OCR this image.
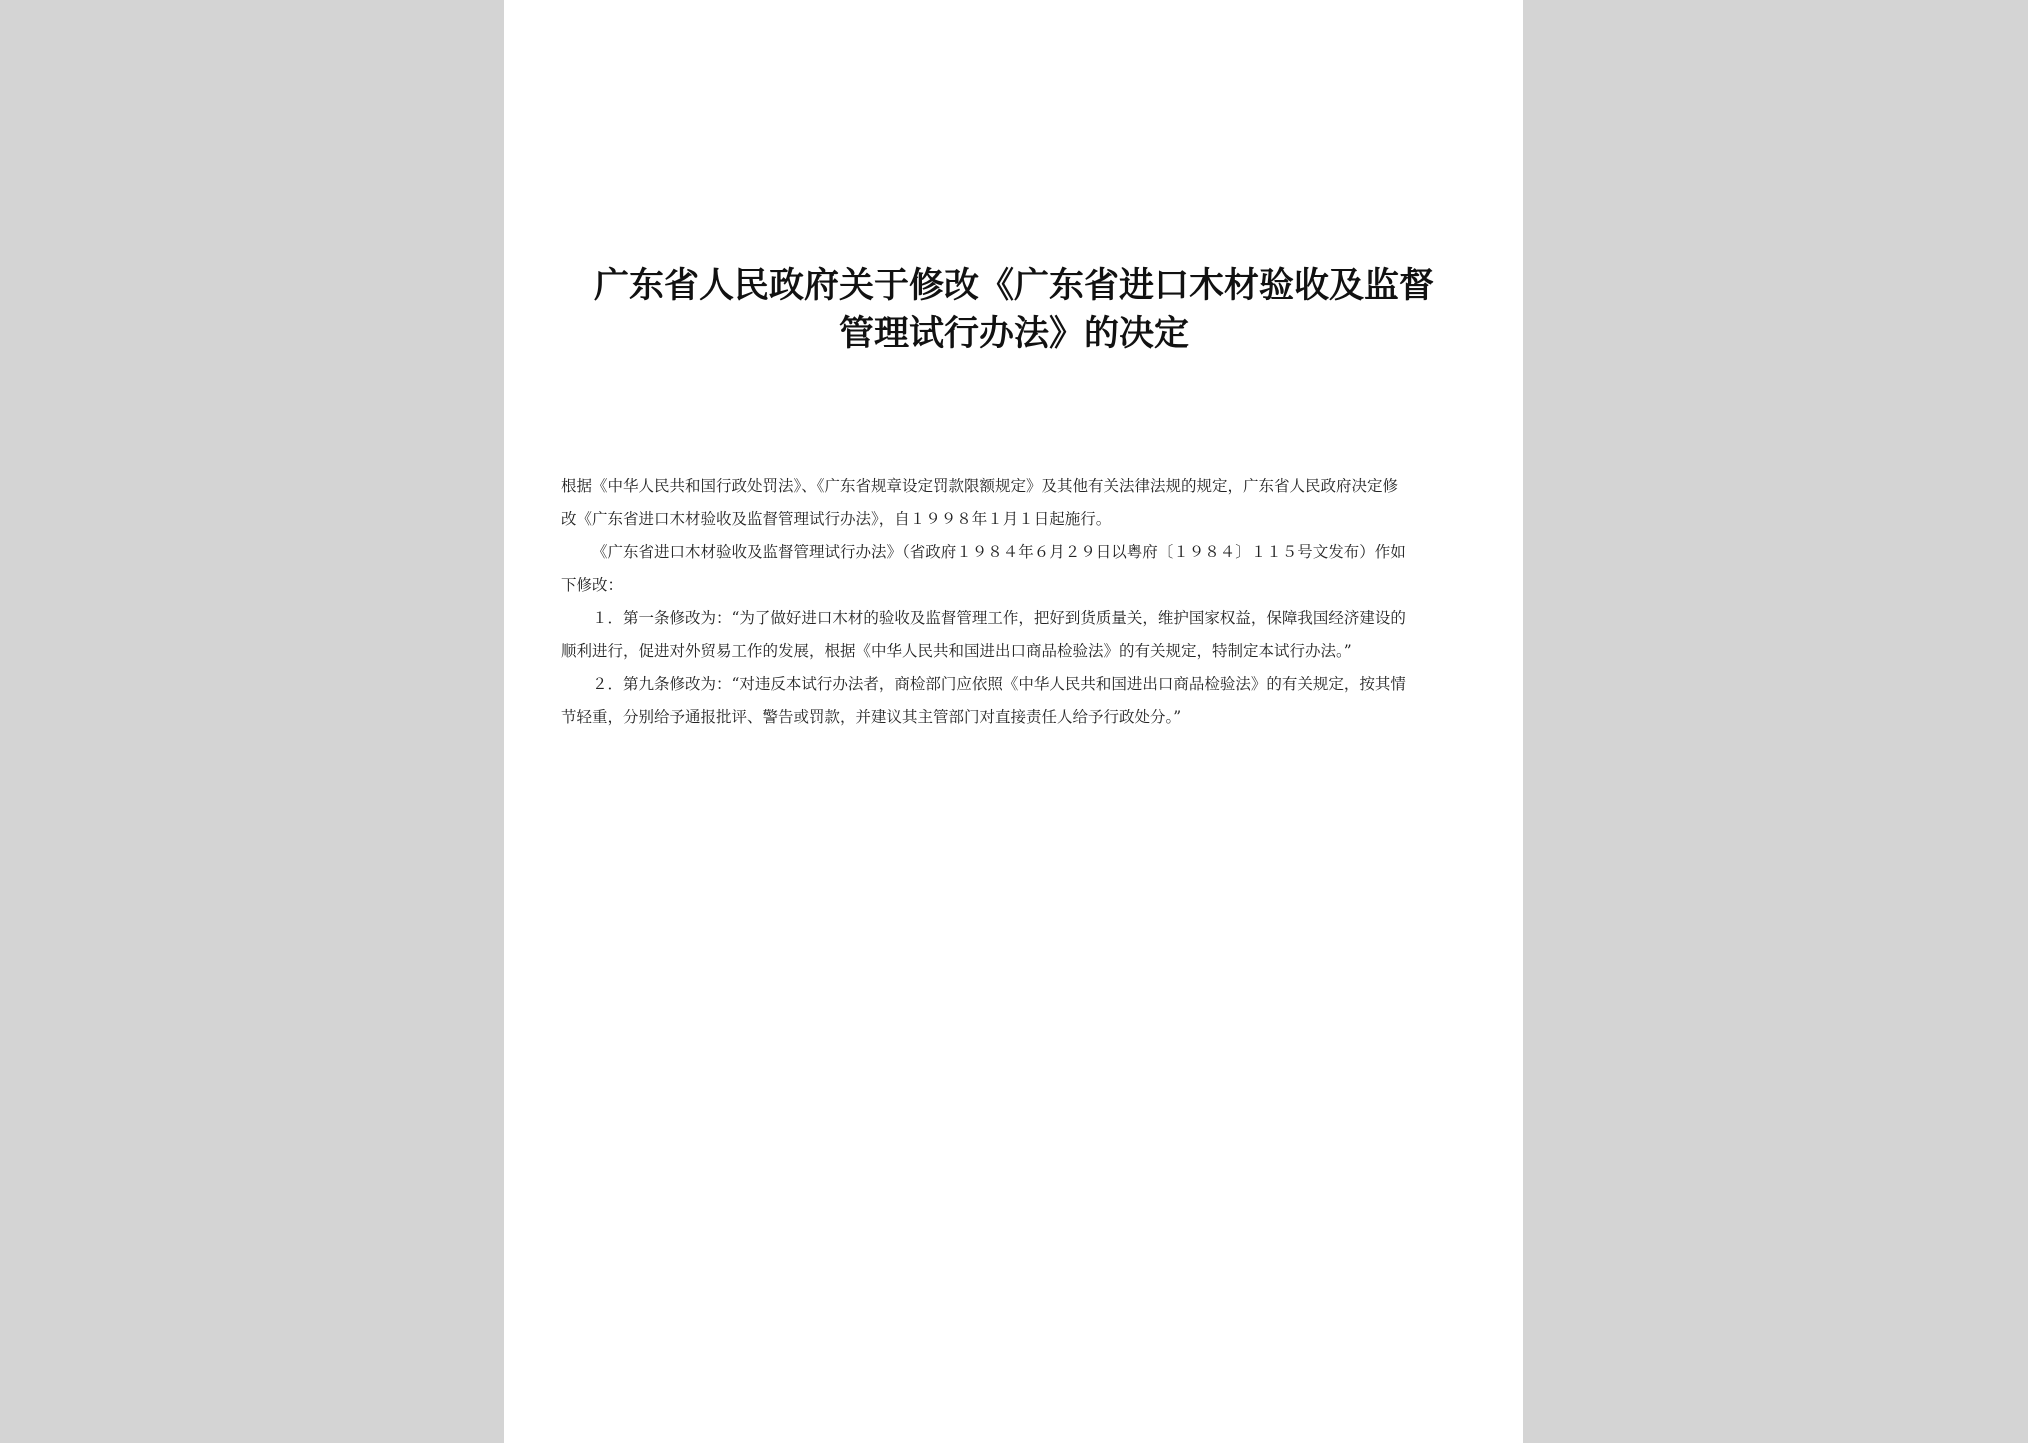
广东省人民政府关于修改《广东省进口木材验收及监督
管理试行办法》的决定
根据《中华人民共和国行政处罚法》、《广东省规章设定罚款限额规定》及其他有关法律法规的规定，广东省人民政府决定修
改《广东省进口木材验收及监督管理试行办法》，自１９９８年１月１日起施行。
《广东省进口木材验收及监督管理试行办法》（省政府１９８４年６月２９日以粤府〔１９８４〕１１５号文发布）作如
下修改：
１．第一条修改为：“为了做好进口木材的验收及监督管理工作，把好到货质量关，维护国家权益，保障我国经济建设的
顺利进行，促进对外贸易工作的发展，根据《中华人民共和国进出口商品检验法》的有关规定，特制定本试行办法。”
２．第九条修改为：“对违反本试行办法者，商检部门应依照《中华人民共和国进出口商品检验法》的有关规定，按其情
节轻重，分别给予通报批评、警告或罚款，并建议其主管部门对直接责任人给予行政处分。”
